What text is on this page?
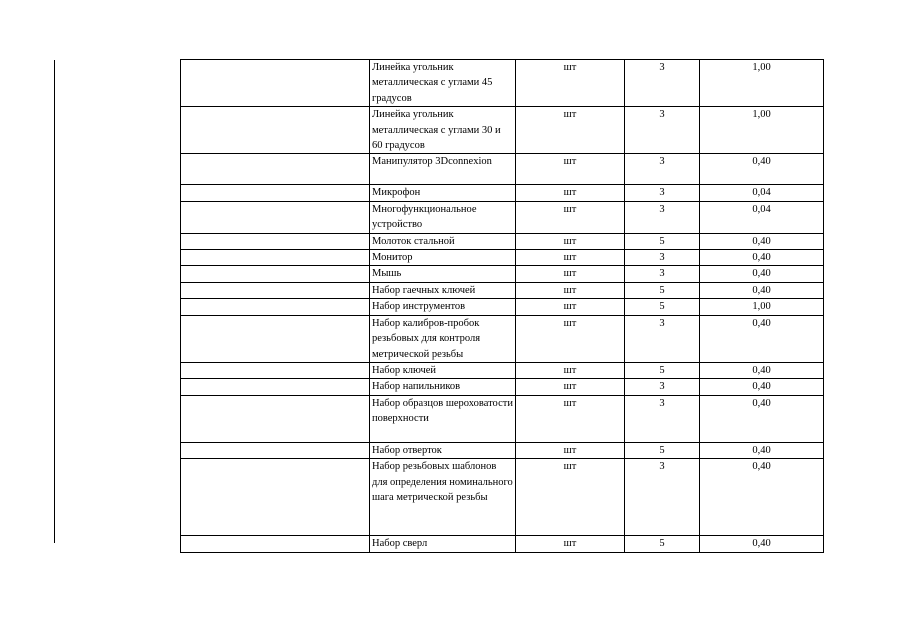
	Линейка угольник металлическая с углами 45 градусов	шт	3	1,00
	Линейка угольник металлическая с углами 30 и 60 градусов	шт	3	1,00
	Манипулятор 3Dconnexion	шт	3	0,40
	Микрофон	шт	3	0,04
	Многофункциональное устройство	шт	3	0,04
	Молоток стальной	шт	5	0,40
	Монитор	шт	3	0,40
	Мышь	шт	3	0,40
	Набор гаечных ключей	шт	5	0,40
	Набор инструментов	шт	5	1,00
	Набор калибров-пробок резьбовых для контроля метрической резьбы	шт	3	0,40
	Набор ключей	шт	5	0,40
	Набор напильников	шт	3	0,40
	Набор образцов шероховатости поверхности	шт	3	0,40
	Набор отверток	шт	5	0,40
	Набор резьбовых шаблонов для определения номинального шага метрической резьбы	шт	3	0,40
	Набор сверл	шт	5	0,40
